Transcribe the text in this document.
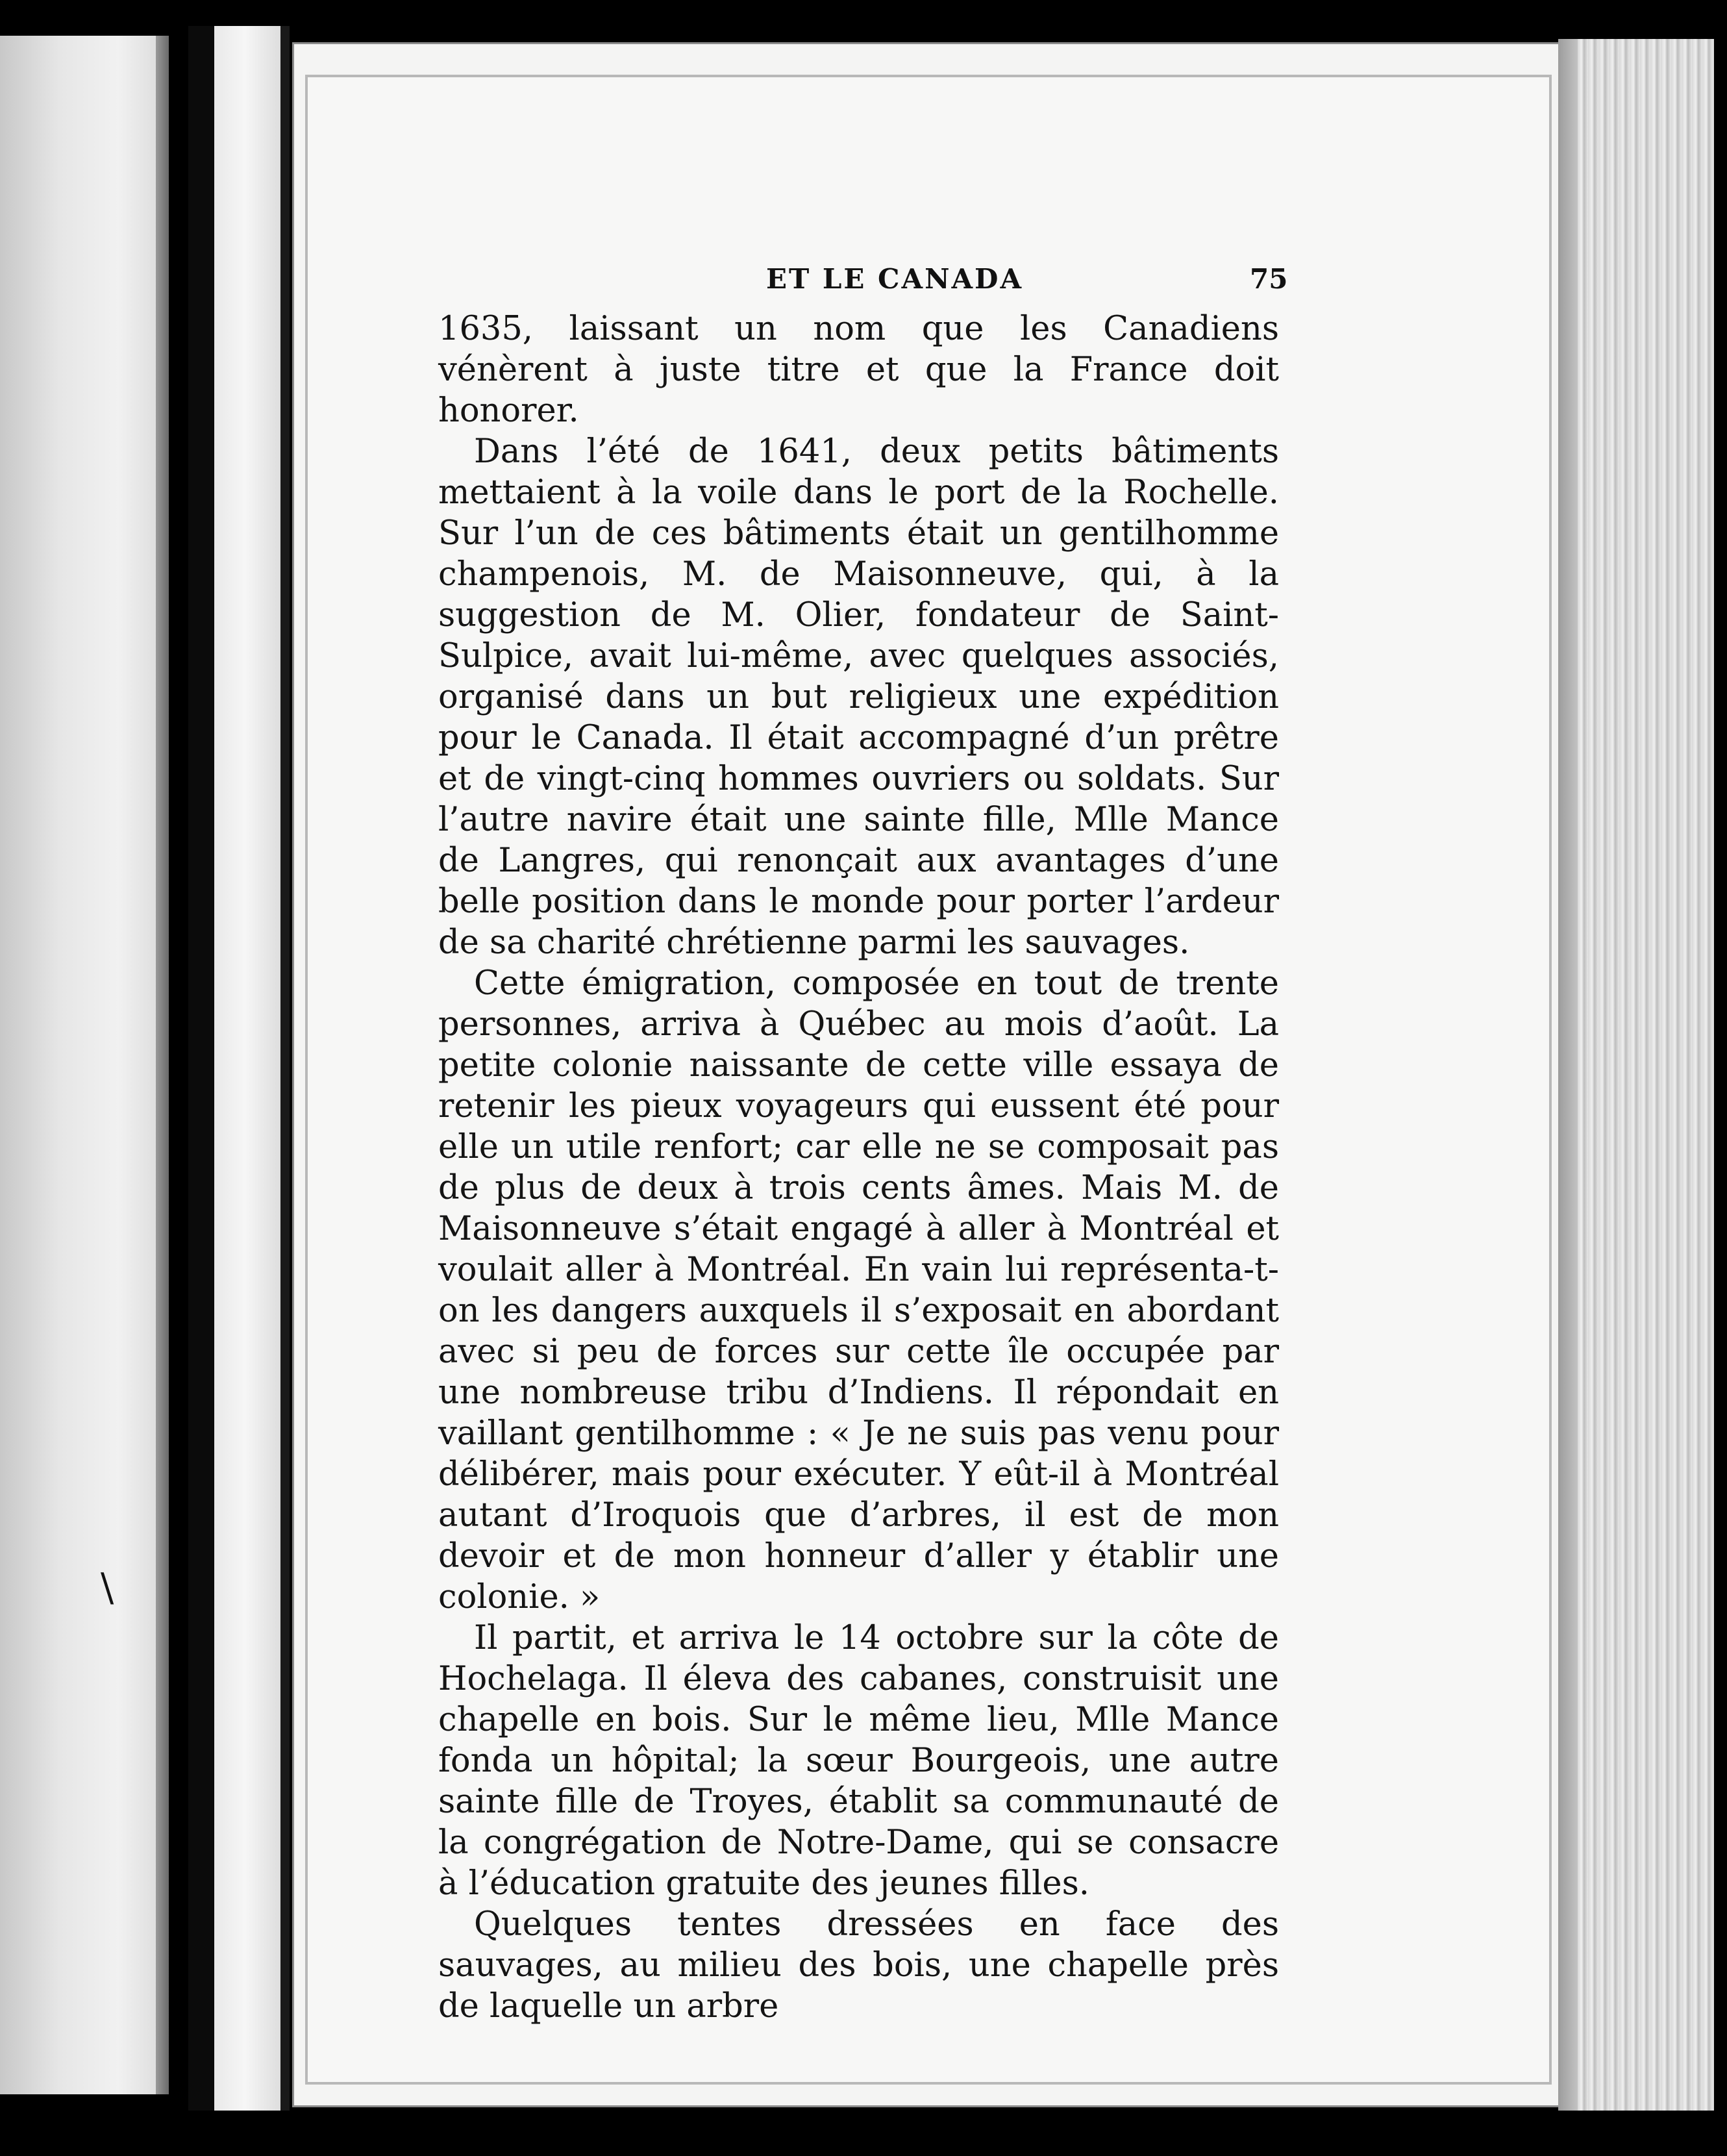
\
ET LE CANADA	75

1635, laissant un nom que les Canadiens vénèrent à juste titre et que la France doit honorer.

Dans l’été de 1641, deux petits bâtiments mettaient à la voile dans le port de la Rochelle. Sur l’un de ces bâtiments était un gentilhomme champenois, M. de Maisonneuve, qui, à la suggestion de M. Olier, fondateur de Saint-Sulpice, avait lui-même, avec quelques associés, organisé dans un but religieux une expédition pour le Canada. Il était accompagné d’un prêtre et de vingt-cinq hommes ouvriers ou soldats. Sur l’autre navire était une sainte fille, Mlle Mance de Langres, qui renonçait aux avantages d’une belle position dans le monde pour porter l’ardeur de sa charité chrétienne parmi les sauvages.

Cette émigration, composée en tout de trente personnes, arriva à Québec au mois d’août. La petite colonie naissante de cette ville essaya de retenir les pieux voyageurs qui eussent été pour elle un utile renfort; car elle ne se composait pas de plus de deux à trois cents âmes. Mais M. de Maisonneuve s’était engagé à aller à Montréal et voulait aller à Montréal. En vain lui représenta-t-on les dangers auxquels il s’exposait en abordant avec si peu de forces sur cette île occupée par une nombreuse tribu d’Indiens. Il répondait en vaillant gentilhomme : « Je ne suis pas venu pour délibérer, mais pour exécuter. Y eût-il à Montréal autant d’Iroquois que d’arbres, il est de mon devoir et de mon honneur d’aller y établir une colonie. »

Il partit, et arriva le 14 octobre sur la côte de Hochelaga. Il éleva des cabanes, construisit une chapelle en bois. Sur le même lieu, Mlle Mance fonda un hôpital; la sœur Bourgeois, une autre sainte fille de Troyes, établit sa communauté de la congrégation de Notre-Dame, qui se consacre à l’éducation gratuite des jeunes filles.

Quelques tentes dressées en face des sauvages, au milieu des bois, une chapelle près de laquelle un arbre
